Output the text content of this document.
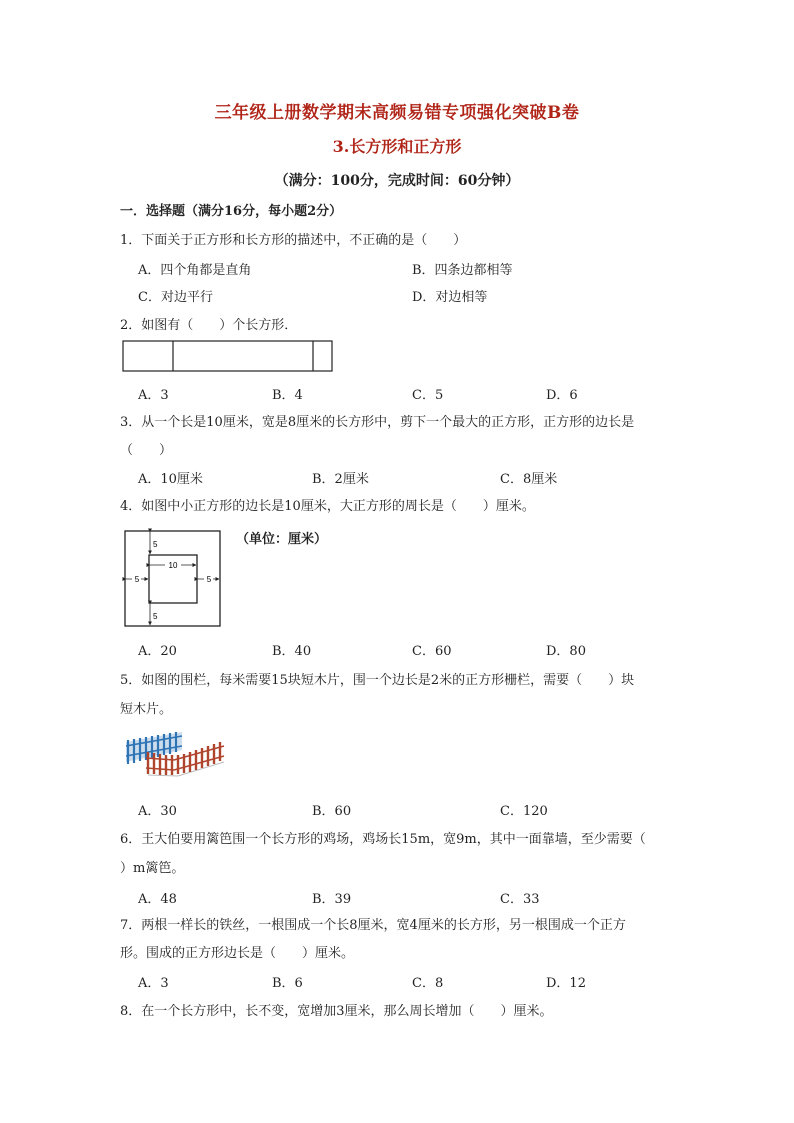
三年级上册数学期末高频易错专项强化突破B卷
3.长方形和正方形
（满分：100分，完成时间：60分钟）
一．选择题（满分16分，每小题2分）
1．下面关于正方形和长方形的描述中，不正确的是（　　）
A．四个角都是直角	B．四条边都相等
C．对边平行	D．对边相等
2．如图有（　　）个长方形．
A．3	B．4	C．5	D．6
3．从一个长是10厘米，宽是8厘米的长方形中，剪下一个最大的正方形，正方形的边长是
（　　）
A．10厘米	B．2厘米	C．8厘米
4．如图中小正方形的边长是10厘米，大正方形的周长是（　　）厘米。
10
5
5
5	5
（单位：厘米）
A．20	B．40	C．60	D．80
5．如图的围栏，每米需要15块短木片，围一个边长是2米的正方形栅栏，需要（　　）块
短木片。
A．30	B．60	C．120
6．王大伯要用篱笆围一个长方形的鸡场，鸡场长15m，宽9m，其中一面靠墙，至少需要（
）m篱笆。
A．48	B．39	C．33
7．两根一样长的铁丝，一根围成一个长8厘米，宽4厘米的长方形，另一根围成一个正方
形。围成的正方形边长是（　　）厘米。
A．3	B．6	C．8	D．12
8．在一个长方形中，长不变，宽增加3厘米，那么周长增加（　　）厘米。
